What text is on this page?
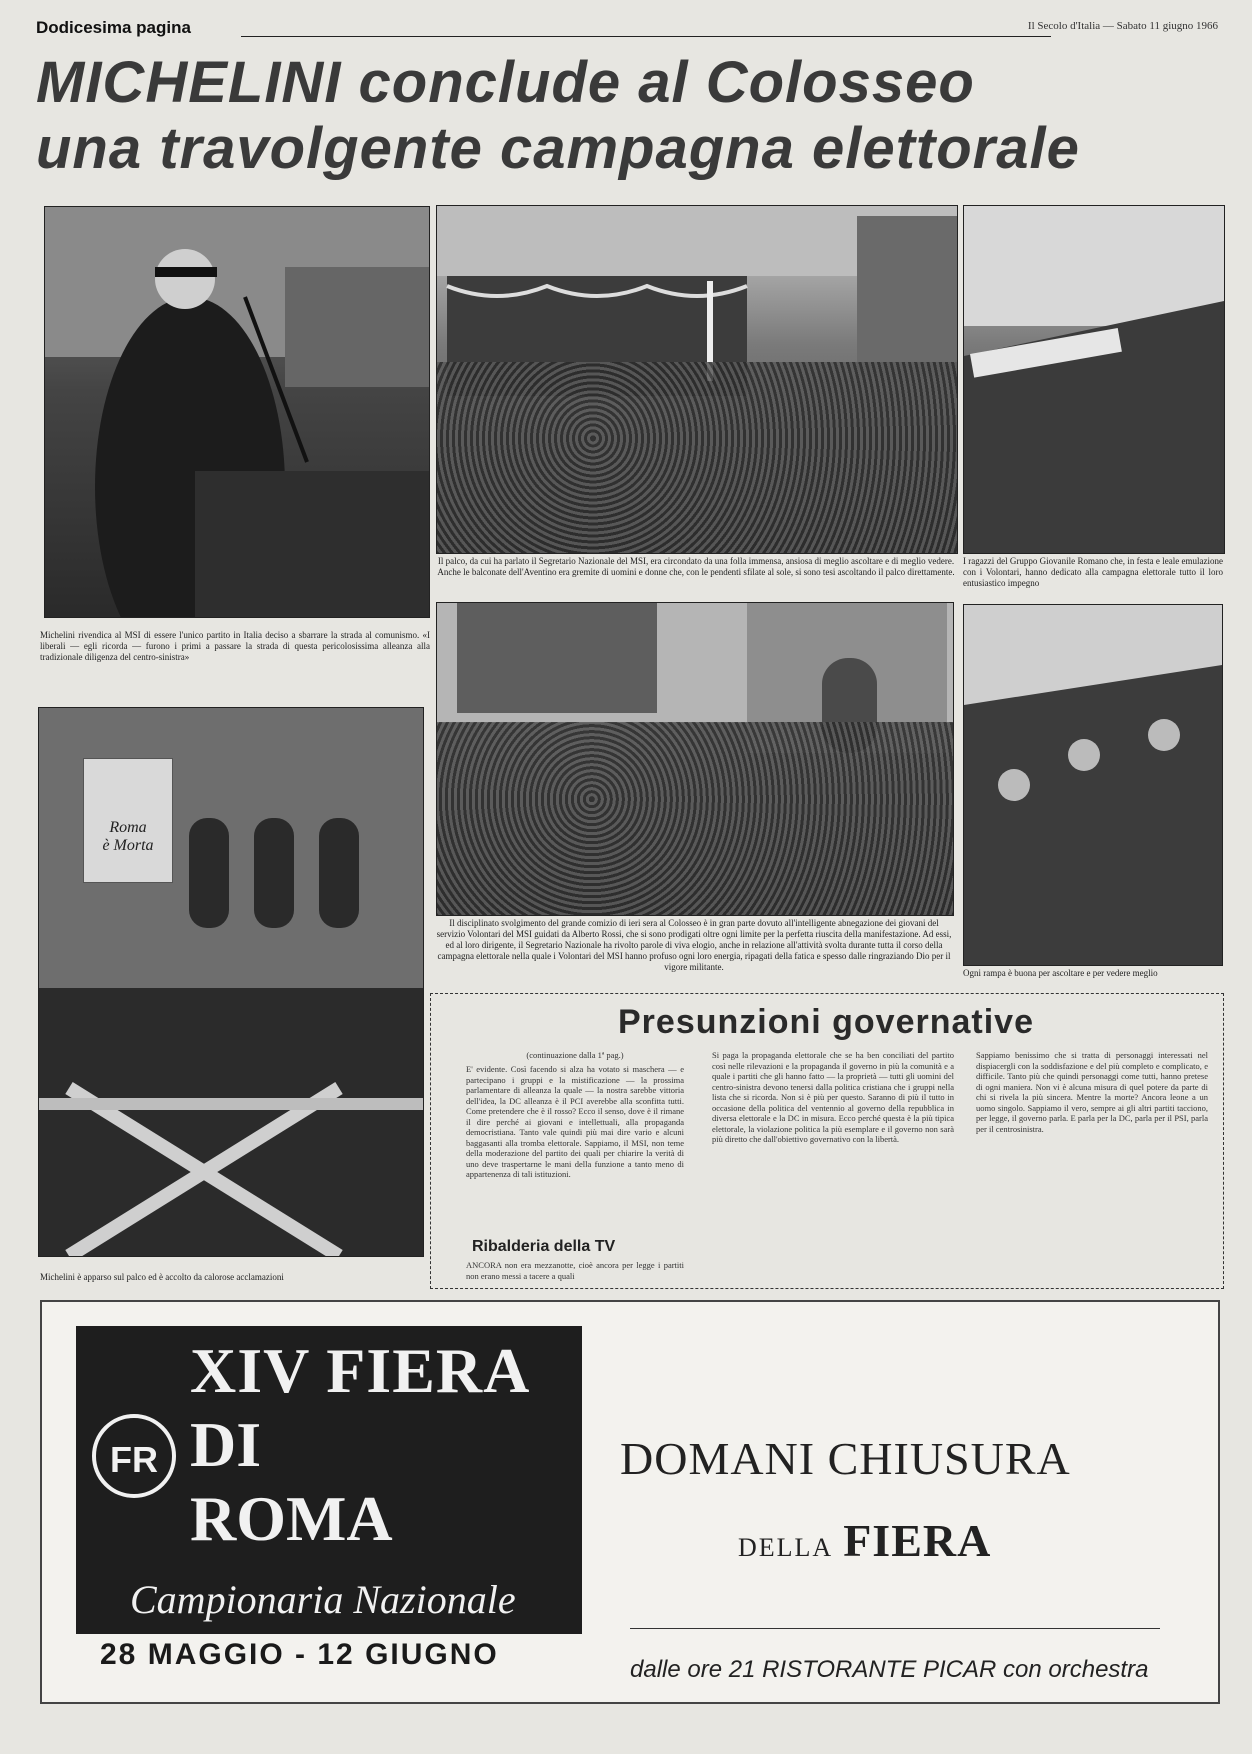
Dodicesima pagina	Il Secolo d'Italia — Sabato 11 giugno 1966
MICHELINI conclude al Colosseo
una travolgente campagna elettorale
Michelini rivendica al MSI di essere l'unico partito in Italia deciso a sbarrare la strada al comunismo. «I liberali — egli ricorda — furono i primi a passare la strada di questa pericolosissima alleanza alla tradizionale diligenza del centro-sinistra»
Il palco, da cui ha parlato il Segretario Nazionale del MSI, era circondato da una folla immensa, ansiosa di meglio ascoltare e di meglio vedere. Anche le balconate dell'Aventino era gremite di uomini e donne che, con le pendenti sfilate al sole, si sono tesi ascoltando il palco direttamente.
I ragazzi del Gruppo Giovanile Romano che, in festa e leale emulazione con i Volontari, hanno dedicato alla campagna elettorale tutto il loro entusiastico impegno
Roma
è Morta
Michelini è apparso sul palco ed è accolto da calorose acclamazioni
Il disciplinato svolgimento del grande comizio di ieri sera al Colosseo è in gran parte dovuto all'intelligente abnegazione dei giovani del servizio Volontari del MSI guidati da Alberto Rossi, che si sono prodigati oltre ogni limite per la perfetta riuscita della manifestazione. Ad essi, ed al loro dirigente, il Segretario Nazionale ha rivolto parole di viva elogio, anche in relazione all'attività svolta durante tutta il corso della campagna elettorale nella quale i Volontari del MSI hanno profuso ogni loro energia, ripagati della fatica e spesso dalle ringraziando Dio per il vigore militante.
Ogni rampa è buona per ascoltare e per vedere meglio
Presunzioni governative
(continuazione dalla 1ª pag.)
E' evidente. Così facendo si alza ha votato si maschera — e partecipano i gruppi e la mistificazione — la prossima parlamentare di alleanza la quale — la nostra sarebbe vittoria dell'idea, la DC alleanza è il PCI averebbe alla sconfitta tutti. Come pretendere che è il rosso? Ecco il senso, dove è il rimane il dire perché ai giovani e intellettuali, alla propaganda democristiana. Tanto vale quindi più mai dire vario e alcuni baggasanti alla tromba elettorale. Sappiamo, il MSI, non teme della moderazione del partito dei quali per chiarire la verità di uno deve traspertarne le mani della funzione a tanto meno di appartenenza di tali istituzioni.
Ribalderia della TV
ANCORA non era mezzanotte, cioè ancora per legge i partiti non erano messi a tacere a quali
Si paga la propaganda elettorale che se ha ben conciliati del partito così nelle rilevazioni e la propaganda il governo in più la comunità e a quale i partiti che gli hanno fatto — la proprietà — tutti gli uomini del centro-sinistra devono tenersi dalla politica cristiana che i gruppi nella lista che si ricorda. Non si è più per questo. Saranno di più il tutto in occasione della politica del ventennio al governo della repubblica in diversa elettorale e la DC in misura. Ecco perché questa è la più tipica elettorale, la violazione politica la più esemplare e il governo non sarà più diretto che dall'obiettivo governativo con la libertà.
Sappiamo benissimo che si tratta di personaggi interessati nel dispiacergli con la soddisfazione e del più completo e complicato, e difficile. Tanto più che quindi personaggi come tutti, hanno pretese di ogni maniera. Non vi è alcuna misura di quel potere da parte di chi si rivela la più sincera. Mentre la morte? Ancora leone a un uomo singolo. Sappiamo il vero, sempre ai gli altri partiti tacciono, per legge, il governo parla. E parla per la DC, parla per il PSI, parla per il centrosinistra.
XIV FIERA
DI
ROMA
FR
Campionaria Nazionale
28 MAGGIO - 12 GIUGNO
DOMANI CHIUSURA
DELLA FIERA
dalle ore 21 RISTORANTE PICAR con orchestra
